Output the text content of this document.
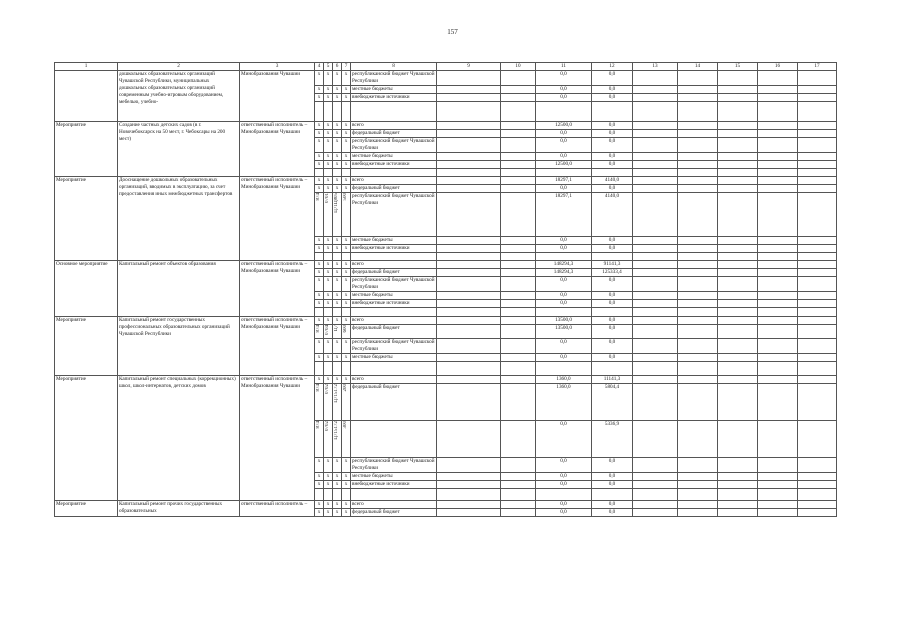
157
1	2	3	4	5	6	7	8	9	10	11	12	13	14	15	16	17
	дошкольных образовательных организаций Чувашской Республики, муниципальных дошкольных образовательных организаций современным учебно-игровым оборудованием, мебелью, учебно-	Минобразования Чувашии	x	x	x	x	республиканский бюджет Чувашской Республики			0,0	0,0					
			x	x	x	x	местные бюджеты			0,0	0,0					
			x	x	x	x	внебюджетные источники			0,0	0,0					

Мероприятие	Создание частных детских садов (в г. Новочебоксарск на 50 мест, г. Чебоксары на 200 мест)	ответственный исполнитель – Минобразования Чувашии	x	x	x	x	всего			12500,0	0,0					
			x	x	x	x	федеральный бюджет			0,0	0,0					
			x	x	x	x	республиканский бюджет Чувашской Республики			0,0	0,0					
			x	x	x	x	местные бюджеты			0,0	0,0					
			x	x	x	x	внебюджетные источники			12500,0	0,0					

Мероприятие	Дооснащение дошкольных образовательных организаций, вводимых в эксплуатацию, за счет предоставления иных межбюджетных трансфертов	ответственный исполнитель – Минобразования Чувашии	x	x	x	x	всего			18297,1	4140,0					
			x	x	x	x	федеральный бюджет			0,0	0,0					

			874	0701	Ц71Ц805	500	республиканский бюджет Чувашской Республики			18297,1	4140,0					
			x	x	x	x	местные бюджеты			0,0	0,0					
			x	x	x	x	внебюджетные источники			0,0	0,0					

Основное мероприятие	Капитальный ремонт объектов образования	ответственный исполнитель – Минобразования Чувашии	x	x	x	x	всего			148294,3	91141,3					
			x	x	x	x	федеральный бюджет			148294,3	125333,4					
			x	x	x	x	республиканский бюджет Чувашской Республики			0,0	0,0					
			x	x	x	x	местные бюджеты			0,0	0,0					
			x	x	x	x	внебюджетные источники			0,0	0,0					

Мероприятие	Капитальный ремонт государственных профессиональных образовательных организаций Чувашской Республики	ответственный исполнитель – Минобразования Чувашии	x	x	x	x	всего			13500,0	0,0					

			874	0704	Ц7	600	федеральный бюджет			13500,0	0,0					
			x	x	x	x	республиканский бюджет Чувашской Республики			0,0	0,0					
			x	x	x	x	местные бюджеты			0,0	0,0					

Мероприятие	Капитальный ремонт специальных (коррекционных) школ, школ-интернатов, детских домов	ответственный исполнитель – Минобразования Чувашии	x	x	x	x	всего			1360,0	11141,3					

			874	0702	Ц715172	200	федеральный бюджет			1360,0	5804,4					

			874	0702	Ц715172	300				0,0	5336,9					
			x	x	x	x	республиканский бюджет Чувашской Республики			0,0	0,0					
			x	x	x	x	местные бюджеты			0,0	0,0					
			x	x	x	x	внебюджетные источники			0,0	0,0					

Мероприятие	Капитальный ремонт прочих государственных образовательных	ответственный исполнитель –	x	x	x	x	всего			0,0	0,0					
			x	x	x	x	федеральный бюджет			0,0	0,0					
